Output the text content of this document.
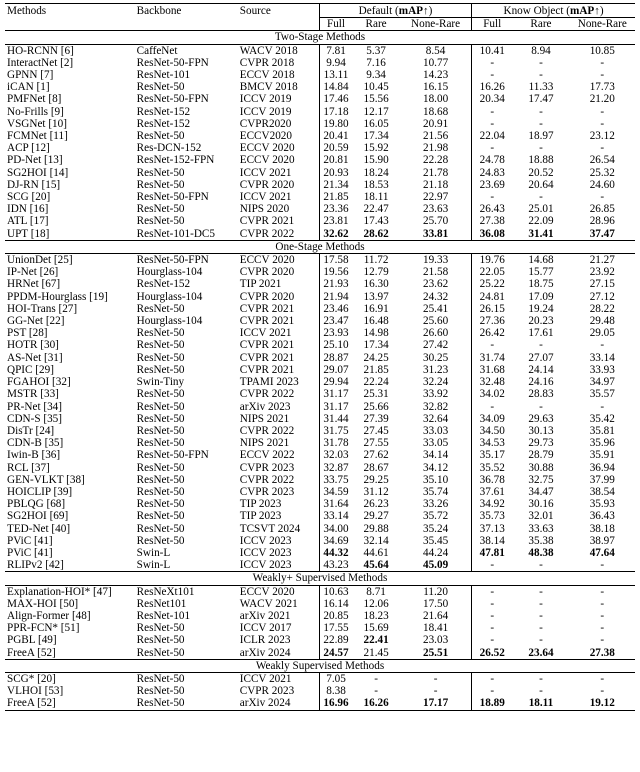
Methods	Backbone	Source	Default (mAP↑)			Know Object (mAP↑)		
			Full	Rare	None-Rare	Full	Rare	None-Rare
Two-Stage Methods								
HO-RCNN [6]	CaffeNet	WACV 2018	7.81	5.37	8.54	10.41	8.94	10.85
InteractNet [2]	ResNet-50-FPN	CVPR 2018	9.94	7.16	10.77	-	-	-
GPNN [7]	ResNet-101	ECCV 2018	13.11	9.34	14.23	-	-	-
iCAN [1]	ResNet-50	BMCV 2018	14.84	10.45	16.15	16.26	11.33	17.73
PMFNet [8]	ResNet-50-FPN	ICCV 2019	17.46	15.56	18.00	20.34	17.47	21.20
No-Frills [9]	ResNet-152	ICCV 2019	17.18	12.17	18.68	-	-	-
VSGNet [10]	ResNet-152	CVPR2020	19.80	16.05	20.91	-	-	-
FCMNet [11]	ResNet-50	ECCV2020	20.41	17.34	21.56	22.04	18.97	23.12
ACP [12]	Res-DCN-152	ECCV 2020	20.59	15.92	21.98	-	-	-
PD-Net [13]	ResNet-152-FPN	ECCV 2020	20.81	15.90	22.28	24.78	18.88	26.54
SG2HOI [14]	ResNet-50	ICCV 2021	20.93	18.24	21.78	24.83	20.52	25.32
DJ-RN [15]	ResNet-50	CVPR 2020	21.34	18.53	21.18	23.69	20.64	24.60
SCG [20]	ResNet-50-FPN	ICCV 2021	21.85	18.11	22.97	-	-	-
IDN [16]	ResNet-50	NIPS 2020	23.36	22.47	23.63	26.43	25.01	26.85
ATL [17]	ResNet-50	CVPR 2021	23.81	17.43	25.70	27.38	22.09	28.96
UPT [18]	ResNet-101-DC5	CVPR 2022	32.62	28.62	33.81	36.08	31.41	37.47
One-Stage Methods								
UnionDet [25]	ResNet-50-FPN	ECCV 2020	17.58	11.72	19.33	19.76	14.68	21.27
IP-Net [26]	Hourglass-104	CVPR 2020	19.56	12.79	21.58	22.05	15.77	23.92
HRNet [67]	ResNet-152	TIP 2021	21.93	16.30	23.62	25.22	18.75	27.15
PPDM-Hourglass [19]	Hourglass-104	CVPR 2020	21.94	13.97	24.32	24.81	17.09	27.12
HOI-Trans [27]	ResNet-50	CVPR 2021	23.46	16.91	25.41	26.15	19.24	28.22
GG-Net [22]	Hourglass-104	CVPR 2021	23.47	16.48	25.60	27.36	20.23	29.48
PST [28]	ResNet-50	ICCV 2021	23.93	14.98	26.60	26.42	17.61	29.05
HOTR [30]	ResNet-50	CVPR 2021	25.10	17.34	27.42	-	-	-
AS-Net [31]	ResNet-50	CVPR 2021	28.87	24.25	30.25	31.74	27.07	33.14
QPIC [29]	ResNet-50	CVPR 2021	29.07	21.85	31.23	31.68	24.14	33.93
FGAHOI [32]	Swin-Tiny	TPAMI 2023	29.94	22.24	32.24	32.48	24.16	34.97
MSTR [33]	ResNet-50	CVPR 2022	31.17	25.31	33.92	34.02	28.83	35.57
PR-Net [34]	ResNet-50	arXiv 2023	31.17	25.66	32.82	-	-	-
CDN-S [35]	ResNet-50	NIPS 2021	31.44	27.39	32.64	34.09	29.63	35.42
DisTr [24]	ResNet-50	CVPR 2022	31.75	27.45	33.03	34.50	30.13	35.81
CDN-B [35]	ResNet-50	NIPS 2021	31.78	27.55	33.05	34.53	29.73	35.96
Iwin-B [36]	ResNet-50-FPN	ECCV 2022	32.03	27.62	34.14	35.17	28.79	35.91
RCL [37]	ResNet-50	CVPR 2023	32.87	28.67	34.12	35.52	30.88	36.94
GEN-VLKT [38]	ResNet-50	CVPR 2022	33.75	29.25	35.10	36.78	32.75	37.99
HOICLIP [39]	ResNet-50	CVPR 2023	34.59	31.12	35.74	37.61	34.47	38.54
PBLQG [68]	ResNet-50	TIP 2023	31.64	26.23	33.26	34.92	30.16	35.93
SG2HOI [69]	ResNet-50	TIP 2023	33.14	29.27	35.72	35.73	32.01	36.43
TED-Net [40]	ResNet-50	TCSVT 2024	34.00	29.88	35.24	37.13	33.63	38.18
PViC [41]	ResNet-50	ICCV 2023	34.69	32.14	35.45	38.14	35.38	38.97
PViC [41]	Swin-L	ICCV 2023	44.32	44.61	44.24	47.81	48.38	47.64
RLIPv2 [42]	Swin-L	ICCV 2023	43.23	45.64	45.09	-	-	-
Weakly+ Supervised Methods								
Explanation-HOI* [47]	ResNeXt101	ECCV 2020	10.63	8.71	11.20	-	-	-
MAX-HOI [50]	ResNet101	WACV 2021	16.14	12.06	17.50	-	-	-
Align-Former [48]	ResNet-101	arXiv 2021	20.85	18.23	21.64	-	-	-
PPR-FCN* [51]	ResNet-50	ICCV 2017	17.55	15.69	18.41	-	-	-
PGBL [49]	ResNet-50	ICLR 2023	22.89	22.41	23.03	-	-	-
FreeA [52]	ResNet-50	arXiv 2024	24.57	21.45	25.51	26.52	23.64	27.38
Weakly Supervised Methods								
SCG* [20]	ResNet-50	ICCV 2021	7.05	-	-	-	-	-
VLHOI [53]	ResNet-50	CVPR 2023	8.38	-	-	-	-	-
FreeA [52]	ResNet-50	arXiv 2024	16.96	16.26	17.17	18.89	18.11	19.12
